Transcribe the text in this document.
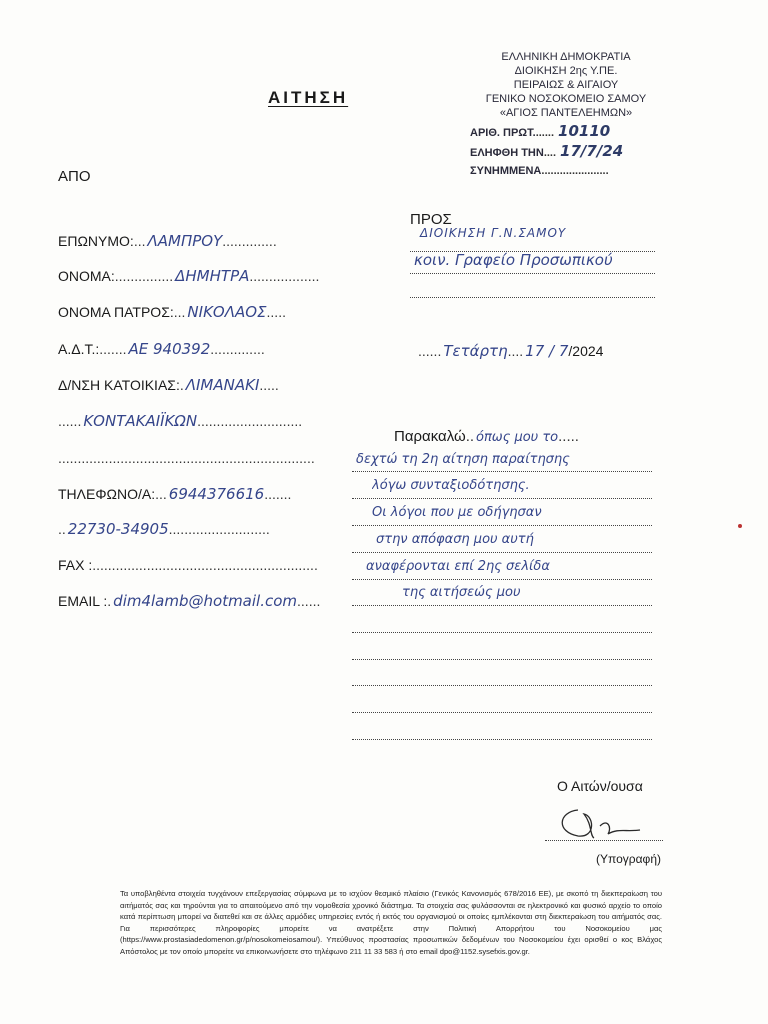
ΑΙΤΗΣΗ
ΕΛΛΗΝΙΚΗ ΔΗΜΟΚΡΑΤΙΑ
ΔΙΟΙΚΗΣΗ 2ης Υ.ΠΕ.
ΠΕΙΡΑΙΩΣ & ΑΙΓΑΙΟΥ
ΓΕΝΙΚΟ ΝΟΣΟΚΟΜΕΙΟ ΣΑΜΟΥ
«ΑΓΙΟΣ ΠΑΝΤΕΛΕΗΜΩΝ»
ΑΡΙΘ. ΠΡΩΤ....... 10110
ΕΛΗΦΘΗ ΤΗΝ.... 17/7/24
ΣΥΝΗΜΜΕΝΑ......................
ΑΠΟ
ΠΡΟΣ
ΕΠΩΝΥΜΟ:... ΛΑΜΠΡΟΥ..............
ΟΝΟΜΑ:............... ΔΗΜΗΤΡΑ..................
ΟΝΟΜΑ ΠΑΤΡΟΣ:... ΝΙΚΟΛΑΟΣ.....
Α.Δ.Τ.:....... ΑΕ 940392..............
Δ/ΝΣΗ ΚΑΤΟΙΚΙΑΣ:. ΛΙΜΑΝΑΚΙ.....
...... ΚΟΝΤΑΚΑΙΪΚΩΝ...........................
..................................................................
ΤΗΛΕΦΩΝΟ/Α:... 6944376616.......
.. 22730-34905..........................
FAX :..........................................................
EMAIL :. dim4lamb@hotmail.com......
ΔΙΟΙΚΗΣΗ Γ.Ν.ΣΑΜΟΥ
κοιν. Γραφείο Προσωπικού
...... Τετάρτη.... 17 / 7/2024
Παρακαλώ.. όπως μου το.....
δεχτώ τη 2η αίτηση παραίτησης
λόγω συνταξιοδότησης.
Οι λόγοι που με οδήγησαν
στην απόφαση μου αυτή
αναφέρονται επί 2ης σελίδα
της αιτήσεώς μου
Ο Αιτών/ουσα
(Υπογραφή)
Τα υποβληθέντα στοιχεία τυγχάνουν επεξεργασίας σύμφωνα με το ισχύον θεσμικό πλαίσιο (Γενικός Κανονισμός 678/2016 ΕΕ), με σκοπό τη διεκπεραίωση του αιτήματός σας και τηρούνται για το απαιτούμενο από την νομοθεσία χρονικό διάστημα. Τα στοιχεία σας φυλάσσονται σε ηλεκτρονικό και φυσικό αρχείο το οποίο κατά περίπτωση μπορεί να διατεθεί και σε άλλες αρμόδιες υπηρεσίες εντός ή εκτός του οργανισμού οι οποίες εμπλέκονται στη διεκπεραίωση του αιτήματός σας. Για περισσότερες πληροφορίες μπορείτε να ανατρέξετε στην Πολιτική Απορρήτου του Νοσοκομείου μας (https://www.prostasiadedomenon.gr/p/nosokomeiosamou/). Υπεύθυνος προστασίας προσωπικών δεδομένων του Νοσοκομείου έχει ορισθεί ο κος Βλάχος Απόστολος με τον οποίο μπορείτε να επικοινωνήσετε στο τηλέφωνο 211 11 33 583 ή στο email dpo@1152.sysefxis.gov.gr.
